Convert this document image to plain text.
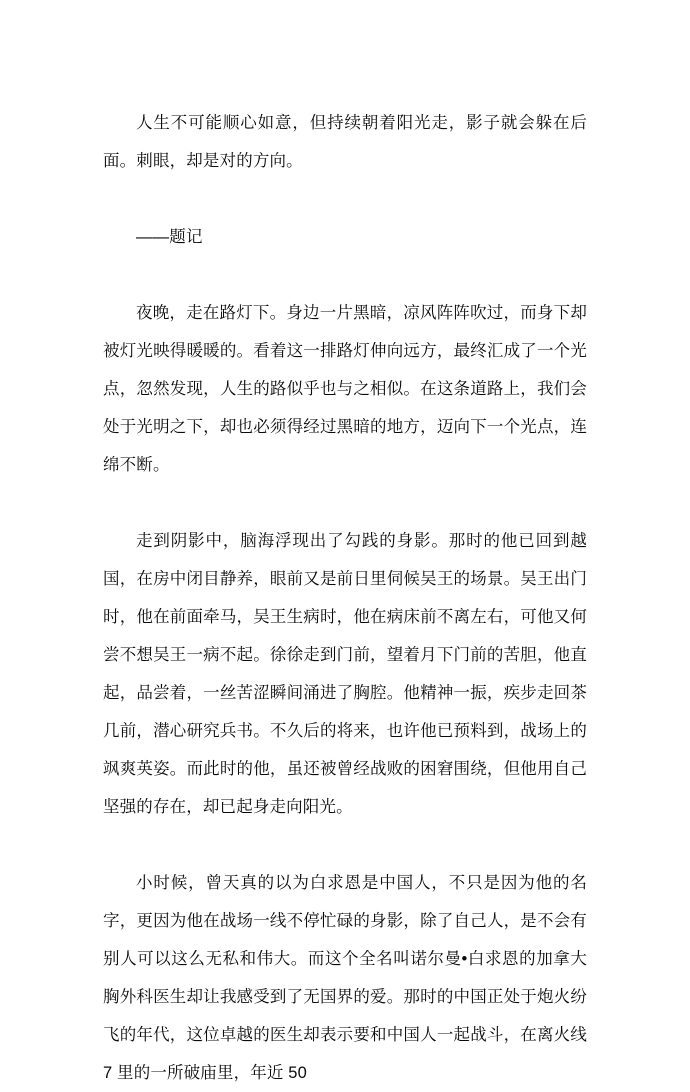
人生不可能顺心如意，但持续朝着阳光走，影子就会躲在后面。刺眼，却是对的方向。

——题记

夜晚，走在路灯下。身边一片黑暗，凉风阵阵吹过，而身下却被灯光映得暖暖的。看着这一排路灯伸向远方，最终汇成了一个光点，忽然发现，人生的路似乎也与之相似。在这条道路上，我们会处于光明之下，却也必须得经过黑暗的地方，迈向下一个光点，连绵不断。

走到阴影中，脑海浮现出了勾践的身影。那时的他已回到越国，在房中闭目静养，眼前又是前日里伺候吴王的场景。吴王出门时，他在前面牵马，吴王生病时，他在病床前不离左右，可他又何尝不想吴王一病不起。徐徐走到门前，望着月下门前的苦胆，他直起，品尝着，一丝苦涩瞬间涌进了胸腔。他精神一振，疾步走回茶几前，潜心研究兵书。不久后的将来，也许他已预料到，战场上的飒爽英姿。而此时的他，虽还被曾经战败的困窘围绕，但他用自己坚强的存在，却已起身走向阳光。

小时候，曾天真的以为白求恩是中国人，不只是因为他的名字，更因为他在战场一线不停忙碌的身影，除了自己人，是不会有别人可以这么无私和伟大。而这个全名叫诺尔曼•白求恩的加拿大胸外科医生却让我感受到了无国界的爱。那时的中国正处于炮火纷飞的年代，这位卓越的医生却表示要和中国人一起战斗，在离火线 7 里的一所破庙里，年近 50
